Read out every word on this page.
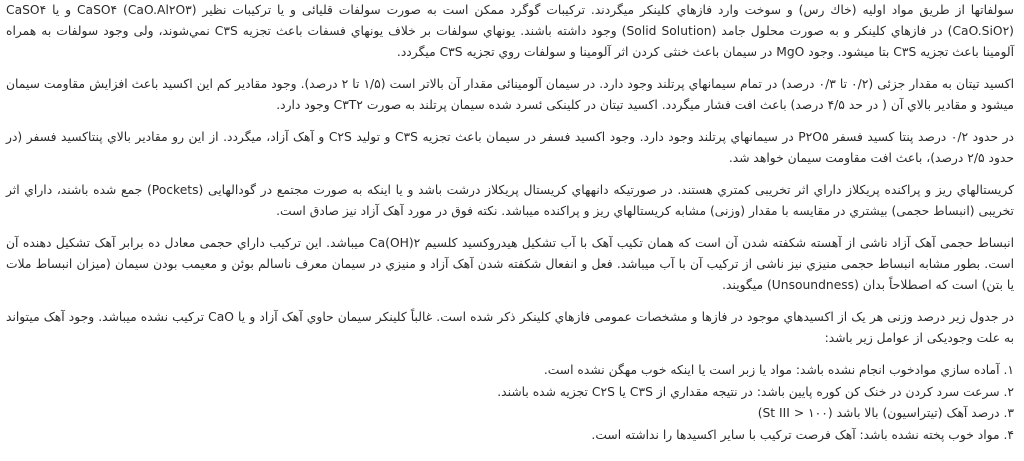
سولفاتها از طريق مواد اوليه (خاك رس) و سوخت وارد فازهاي كلينكر ميگردند. تركيبات گوگرد ممكن است به صورت سولفات قليائى و يا تركيبات نظير CaSO۴ (CaO.Al۲O۳) و يا CaSO۴ (CaO.SiO۲) در فازهاي كلينكر و به صورت محلول جامد (Solid Solution) وجود داشته باشند. يونهاي سولفات بر خلاف يونهاي فسفات باعث تجزيه C۳S نمي‌شوند، ولی وجود سولفات به همراه آلومينا باعث تجزيه C۳S بتا ميشود. وجود MgO در سيمان باعث خنثی كردن اثر آلومينا و سولفات روي تجزيه C۳S ميگردد.

اكسيد تيتان به مقدار جزئی (۰/۲ تا ۰/۳ درصد) در تمام سيمانهاي پرتلند وجود دارد. در سيمان آلومينائی مقدار آن بالاتر است (۱/۵ تا ۲ درصد). وجود مقادير كم اين اكسيد باعث افزايش مقاومت سيمان ميشود و مقادير بالاي آن ( در حد ۴/۵ درصد) باعث افت فشار ميگردد. اكسيد تيتان در كلينكی ئسرد شده سيمان پرتلند به صورت C۳T۲ وجود دارد.

در حدود ۰/۲ درصد پنتا كسيد فسفر P۲O۵ در سيمانهاي پرتلند وجود دارد. وجود اكسيد فسفر در سيمان باعث تجزيه C۳S و توليد C۲S و آهک آزاد، ميگردد. از اين رو مقادير بالاي پنتاكسيد فسفر (در حدود ۲/۵ درصد)، باعث افت مقاومت سيمان خواهد شد.

كريستالهاي ريز و پراكنده پريكلاز داراي اثر تخريبی كمتري هستند. در صورتيكه دانههاي كريستال پريكلاز درشت باشد و يا اينكه به صورت مجتمع در گودالهايی (Pockets) جمع شده باشند، داراي اثر تخريبی (انبساط حجمی) بيشتري در مقايسه با مقدار (وزنی) مشابه كريستالهاي ريز و پراكنده ميباشد. نكته فوق در مورد آهک آزاد نيز صادق است.

انبساط حجمی آهک آزاد ناشی از آهسته شكفته شدن آن است كه همان تكيب آهک با آب تشكيل هيدروكسيد كلسيم Ca(OH)۲ ميباشد. اين تركيب داراي حجمی معادل ده برابر آهک تشكيل دهنده آن است. بطور مشابه انبساط حجمی منيزي نيز ناشی از تركيب آن با آب ميباشد. فعل و انفعال شكفته شدن آهک آزاد و منيزي در سيمان معرف ناسالم بوئن و معيمب بودن سيمان (ميزان انبساط ملات يا بتن) است كه اصطلاحاً بدان (Unsoundness) ميگويند.

در جدول زير درصد وزنی هر يک از اكسيدهاي موجود در فازها و مشخصات عمومی فازهاي كلينكر ذكر شده است. غالباً كلينكر سيمان حاوي آهک آزاد و يا CaO تركيب نشده ميباشد. وجود آهک ميتواند به علت وجودیكی از عوامل زير باشد:

۱. آماده سازي موادخوب انجام نشده باشد: مواد يا زبر است يا اينكه خوب مهگن نشده است.
۲. سرعت سرد كردن در خنک كن كوره پايين باشد: در نتيجه مقداري از C۳S يا C۲S تجزيه شده باشند.
۳. درصد آهک (تيتراسيون) بالا باشد (St III > ۱۰۰)
۴. مواد خوب پخته نشده باشد: آهک فرصت تركيب با ساير اكسيدها را نداشته است.
